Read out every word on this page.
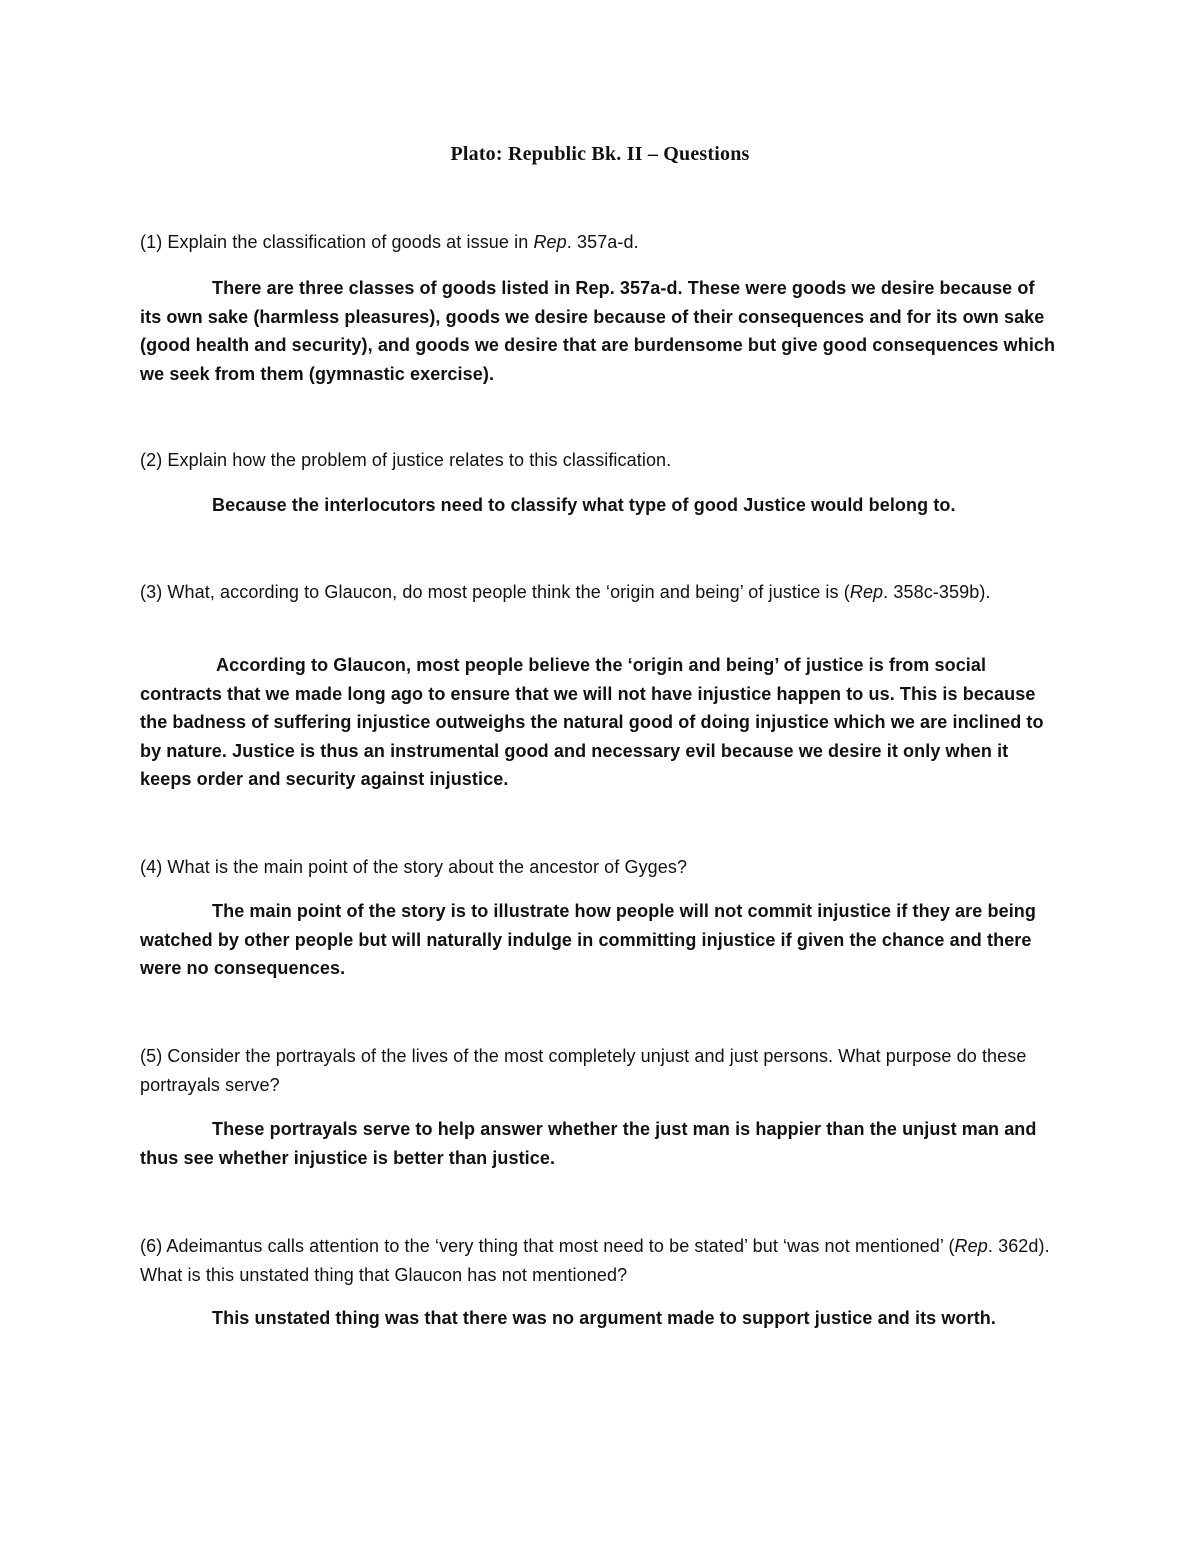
Plato: Republic Bk. II – Questions
(1) Explain the classification of goods at issue in Rep. 357a-d.
There are three classes of goods listed in Rep. 357a-d. These were goods we desire because of its own sake (harmless pleasures), goods we desire because of their consequences and for its own sake (good health and security), and goods we desire that are burdensome but give good consequences which we seek from them (gymnastic exercise).
(2) Explain how the problem of justice relates to this classification.
Because the interlocutors need to classify what type of good Justice would belong to.
(3) What, according to Glaucon, do most people think the ‘origin and being’ of justice is (Rep. 358c-359b).
According to Glaucon, most people believe the ‘origin and being’ of justice is from social contracts that we made long ago to ensure that we will not have injustice happen to us. This is because the badness of suffering injustice outweighs the natural good of doing injustice which we are inclined to by nature. Justice is thus an instrumental good and necessary evil because we desire it only when it keeps order and security against injustice.
(4) What is the main point of the story about the ancestor of Gyges?
The main point of the story is to illustrate how people will not commit injustice if they are being watched by other people but will naturally indulge in committing injustice if given the chance and there were no consequences.
(5) Consider the portrayals of the lives of the most completely unjust and just persons. What purpose do these portrayals serve?
These portrayals serve to help answer whether the just man is happier than the unjust man and thus see whether injustice is better than justice.
(6) Adeimantus calls attention to the ‘very thing that most need to be stated’ but ‘was not mentioned’ (Rep. 362d). What is this unstated thing that Glaucon has not mentioned?
This unstated thing was that there was no argument made to support justice and its worth.
